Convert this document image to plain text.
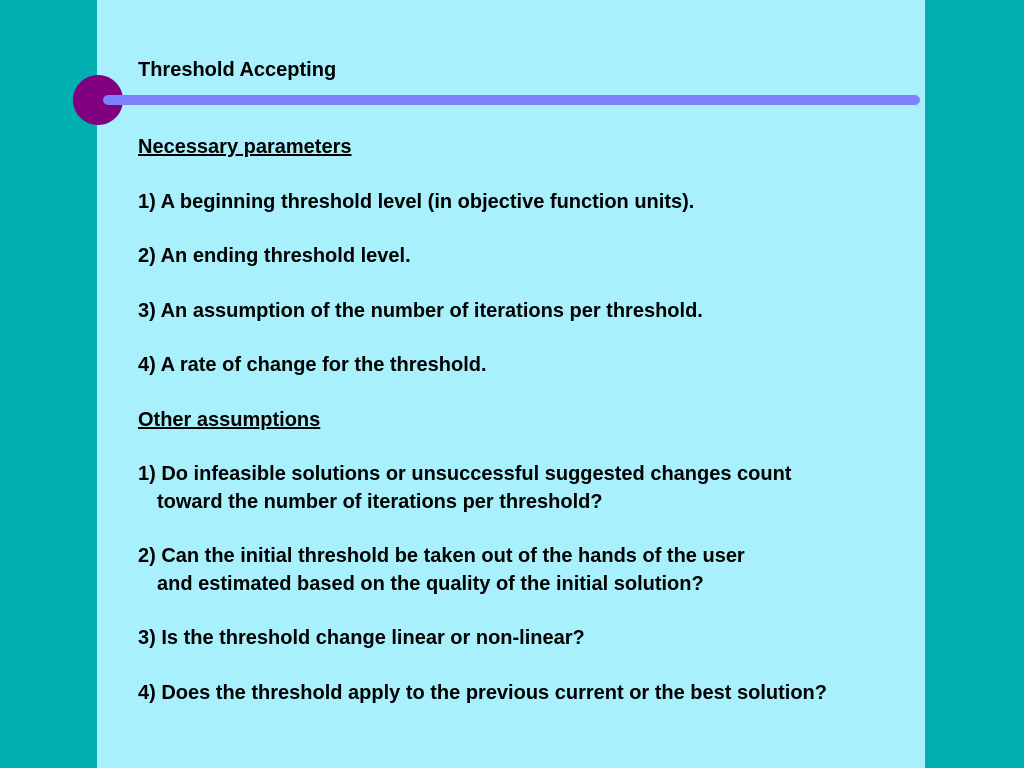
Threshold Accepting
Necessary parameters
1) A beginning threshold level (in objective function units).
2) An ending threshold level.
3) An assumption of the number of iterations per threshold.
4) A rate of change for the threshold.
Other assumptions
1) Do infeasible solutions or unsuccessful suggested changes count
toward the number of iterations per threshold?
2) Can the initial threshold be taken out of the hands of the user
and estimated based on the quality of the initial solution?
3) Is the threshold change linear or non-linear?
4) Does the threshold apply to the previous current or the best solution?
